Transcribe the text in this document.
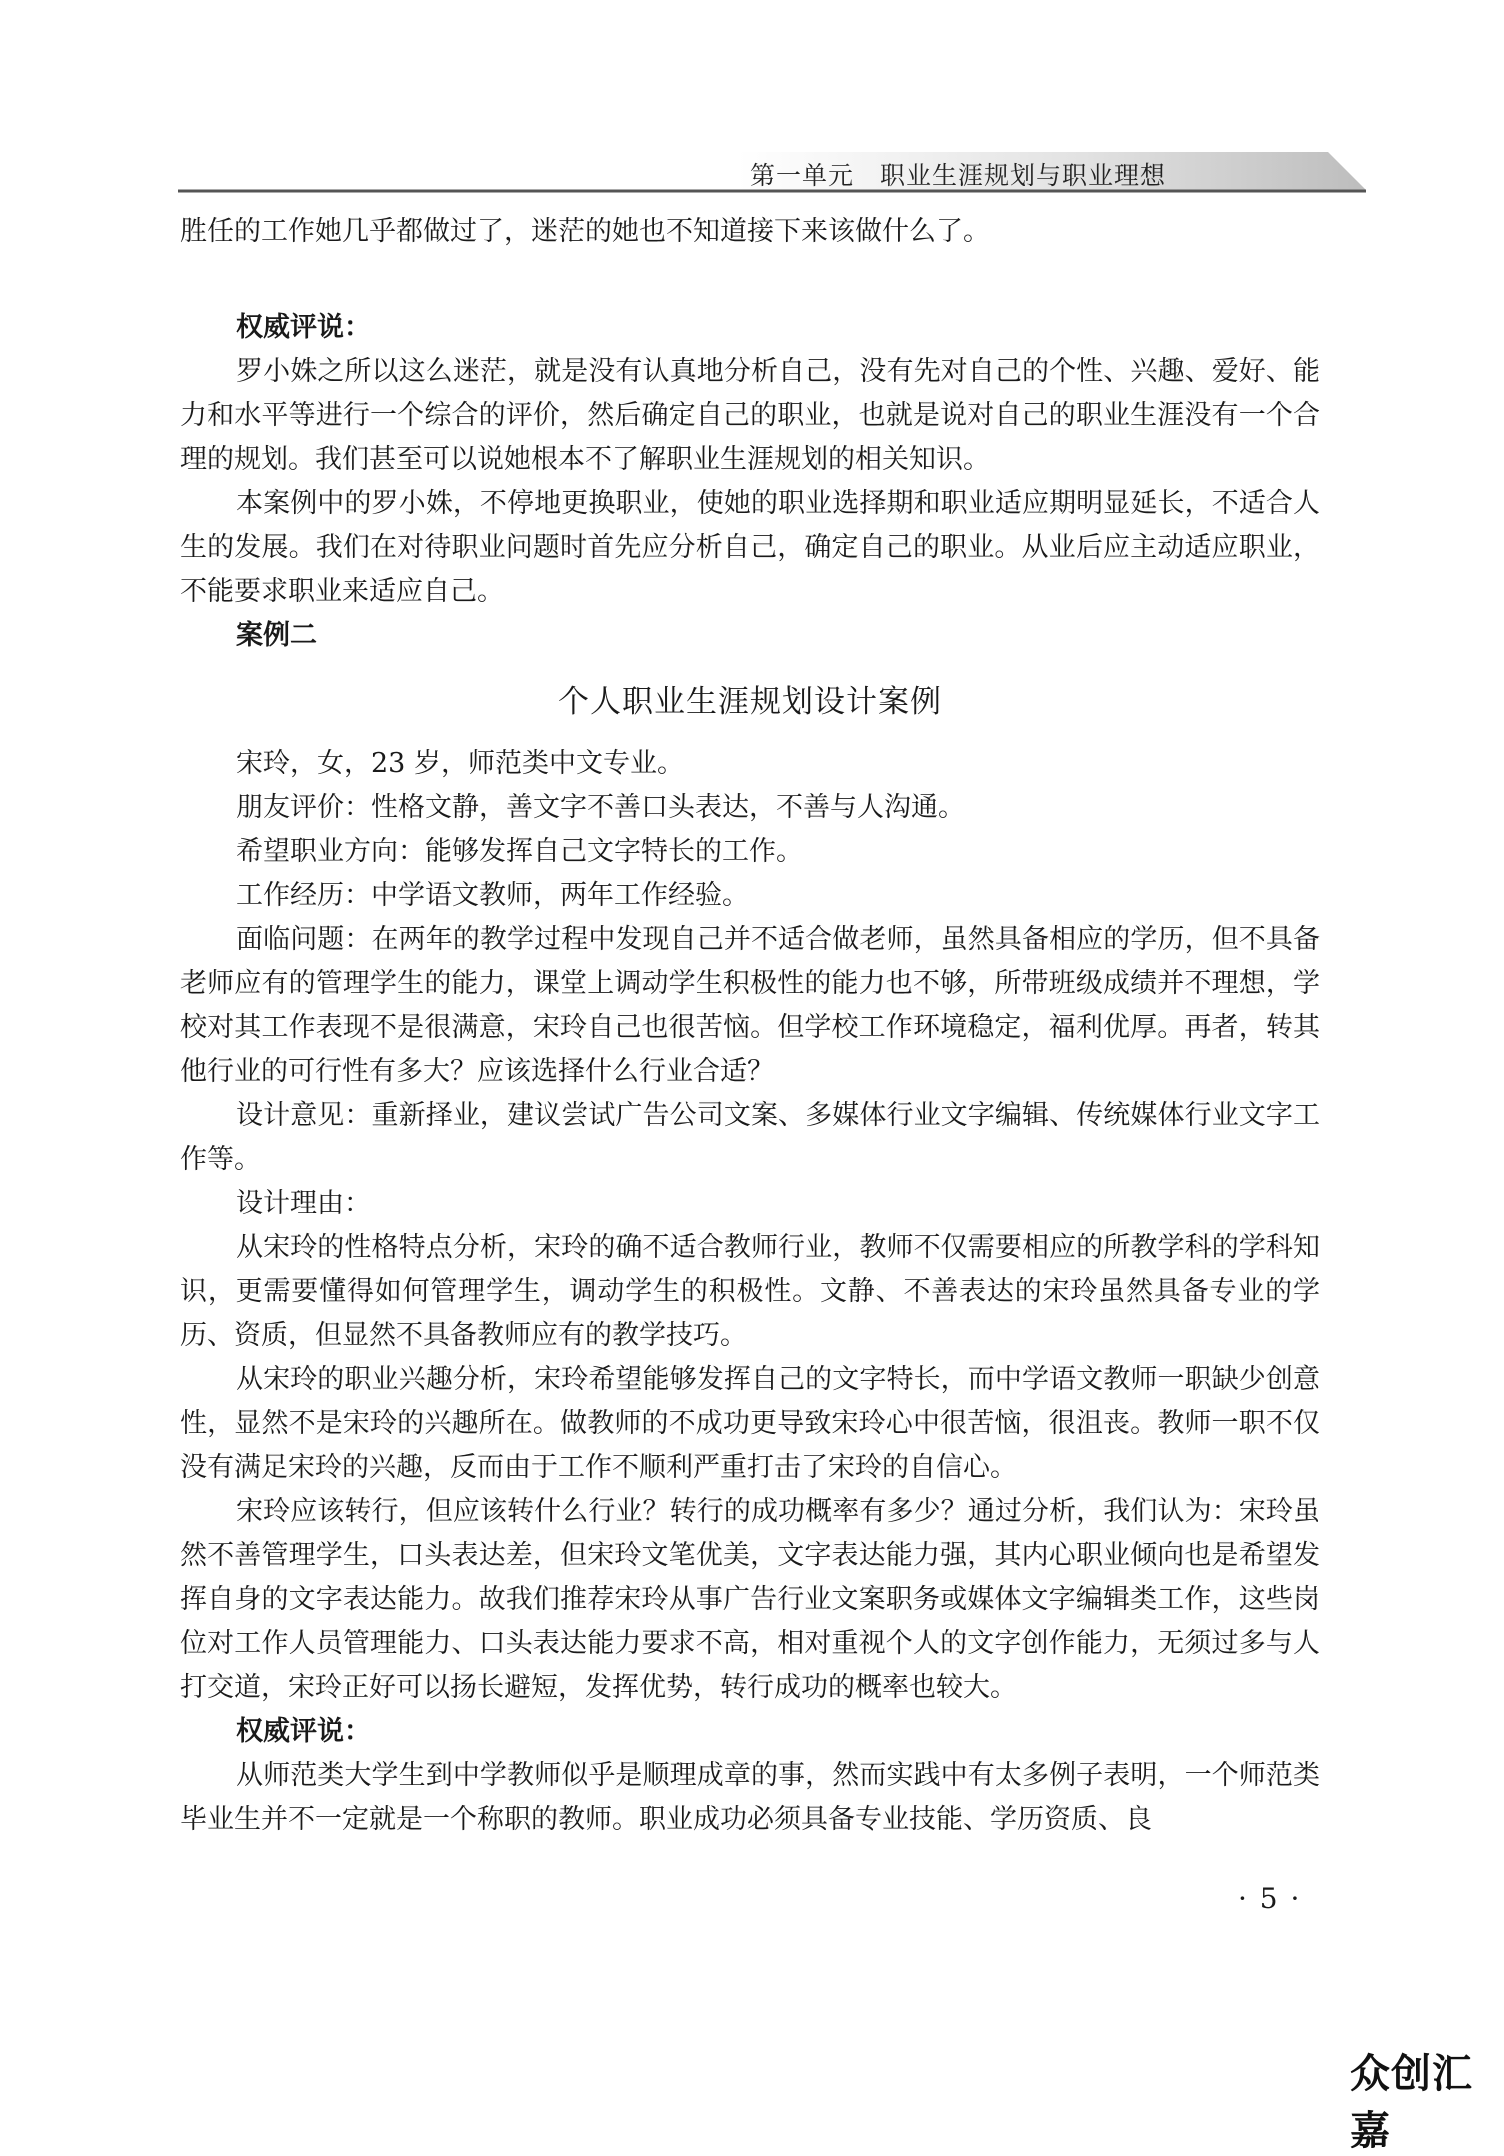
第一单元　职业生涯规划与职业理想

胜任的工作她几乎都做过了，迷茫的她也不知道接下来该做什么了。

权威评说：

罗小姝之所以这么迷茫，就是没有认真地分析自己，没有先对自己的个性、兴趣、爱好、能力和水平等进行一个综合的评价，然后确定自己的职业，也就是说对自己的职业生涯没有一个合理的规划。我们甚至可以说她根本不了解职业生涯规划的相关知识。

本案例中的罗小姝，不停地更换职业，使她的职业选择期和职业适应期明显延长，不适合人生的发展。我们在对待职业问题时首先应分析自己，确定自己的职业。从业后应主动适应职业，不能要求职业来适应自己。

案例二

个人职业生涯规划设计案例

宋玲，女，23 岁，师范类中文专业。

朋友评价：性格文静，善文字不善口头表达，不善与人沟通。

希望职业方向：能够发挥自己文字特长的工作。

工作经历：中学语文教师，两年工作经验。

面临问题：在两年的教学过程中发现自己并不适合做老师，虽然具备相应的学历，但不具备老师应有的管理学生的能力，课堂上调动学生积极性的能力也不够，所带班级成绩并不理想，学校对其工作表现不是很满意，宋玲自己也很苦恼。但学校工作环境稳定，福利优厚。再者，转其他行业的可行性有多大？应该选择什么行业合适？

设计意见：重新择业，建议尝试广告公司文案、多媒体行业文字编辑、传统媒体行业文字工作等。

设计理由：

从宋玲的性格特点分析，宋玲的确不适合教师行业，教师不仅需要相应的所教学科的学科知识，更需要懂得如何管理学生，调动学生的积极性。文静、不善表达的宋玲虽然具备专业的学历、资质，但显然不具备教师应有的教学技巧。

从宋玲的职业兴趣分析，宋玲希望能够发挥自己的文字特长，而中学语文教师一职缺少创意性，显然不是宋玲的兴趣所在。做教师的不成功更导致宋玲心中很苦恼，很沮丧。教师一职不仅没有满足宋玲的兴趣，反而由于工作不顺利严重打击了宋玲的自信心。

宋玲应该转行，但应该转什么行业？转行的成功概率有多少？通过分析，我们认为：宋玲虽然不善管理学生，口头表达差，但宋玲文笔优美，文字表达能力强，其内心职业倾向也是希望发挥自身的文字表达能力。故我们推荐宋玲从事广告行业文案职务或媒体文字编辑类工作，这些岗位对工作人员管理能力、口头表达能力要求不高，相对重视个人的文字创作能力，无须过多与人打交道，宋玲正好可以扬长避短，发挥优势，转行成功的概率也较大。

权威评说：

从师范类大学生到中学教师似乎是顺理成章的事，然而实践中有太多例子表明，一个师范类毕业生并不一定就是一个称职的教师。职业成功必须具备专业技能、学历资质、良

· 5 ·
众创汇嘉
